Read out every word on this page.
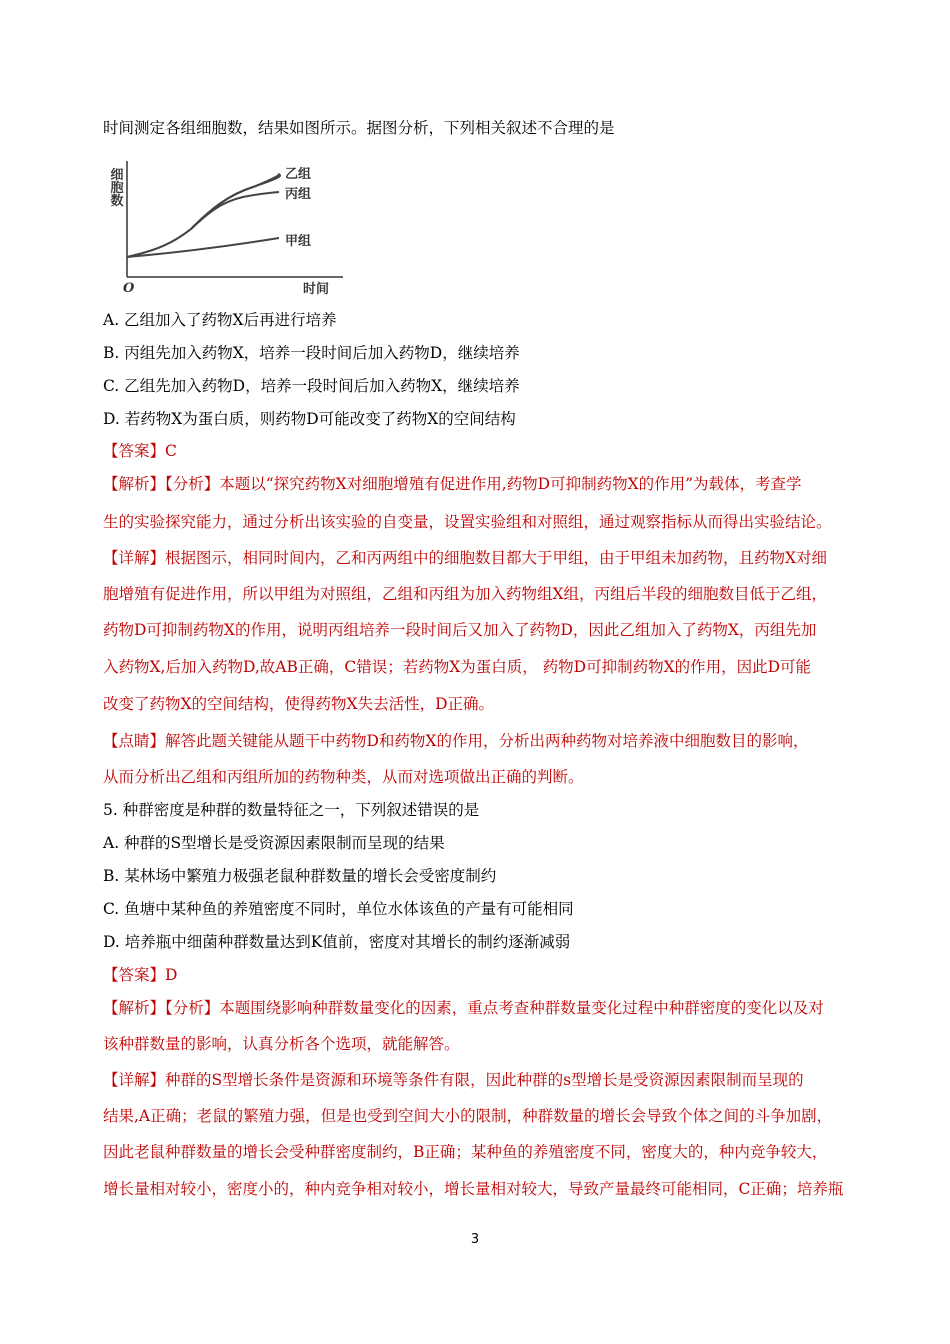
时间测定各组细胞数，结果如图所示。据图分析，下列相关叙述不合理的是
细胞数
O	时间
乙组
丙组
甲组
A. 乙组加入了药物X后再进行培养
B. 丙组先加入药物X，培养一段时间后加入药物D，继续培养
C. 乙组先加入药物D，培养一段时间后加入药物X，继续培养
D. 若药物X为蛋白质，则药物D可能改变了药物X的空间结构
【答案】C
【解析】【分析】本题以“探究药物X对细胞增殖有促进作用,药物D可抑制药物X的作用”为载体，考查学
生的实验探究能力，通过分析出该实验的自变量，设置实验组和对照组，通过观察指标从而得出实验结论。
【详解】根据图示，相同时间内，乙和丙两组中的细胞数目都大于甲组，由于甲组未加药物，且药物X对细
胞增殖有促进作用，所以甲组为对照组，乙组和丙组为加入药物组X组，丙组后半段的细胞数目低于乙组，
药物D可抑制药物X的作用，说明丙组培养一段时间后又加入了药物D，因此乙组加入了药物X，丙组先加
入药物X,后加入药物D,故AB正确，C错误；若药物X为蛋白质， 药物D可抑制药物X的作用，因此D可能
改变了药物X的空间结构，使得药物X失去活性，D正确。
【点睛】解答此题关键能从题干中药物D和药物X的作用，分析出两种药物对培养液中细胞数目的影响，
从而分析出乙组和丙组所加的药物种类，从而对选项做出正确的判断。
5. 种群密度是种群的数量特征之一，下列叙述错误的是
A. 种群的S型增长是受资源因素限制而呈现的结果
B. 某林场中繁殖力极强老鼠种群数量的增长会受密度制约
C. 鱼塘中某种鱼的养殖密度不同时，单位水体该鱼的产量有可能相同
D. 培养瓶中细菌种群数量达到K值前，密度对其增长的制约逐渐减弱
【答案】D
【解析】【分析】本题围绕影响种群数量变化的因素，重点考查种群数量变化过程中种群密度的变化以及对
该种群数量的影响，认真分析各个选项，就能解答。
【详解】种群的S型增长条件是资源和环境等条件有限，因此种群的s型增长是受资源因素限制而呈现的
结果,A正确；老鼠的繁殖力强，但是也受到空间大小的限制，种群数量的增长会导致个体之间的斗争加剧，
因此老鼠种群数量的增长会受种群密度制约，B正确；某种鱼的养殖密度不同，密度大的，种内竞争较大，
增长量相对较小，密度小的，种内竞争相对较小，增长量相对较大，导致产量最终可能相同，C正确；培养瓶
3
